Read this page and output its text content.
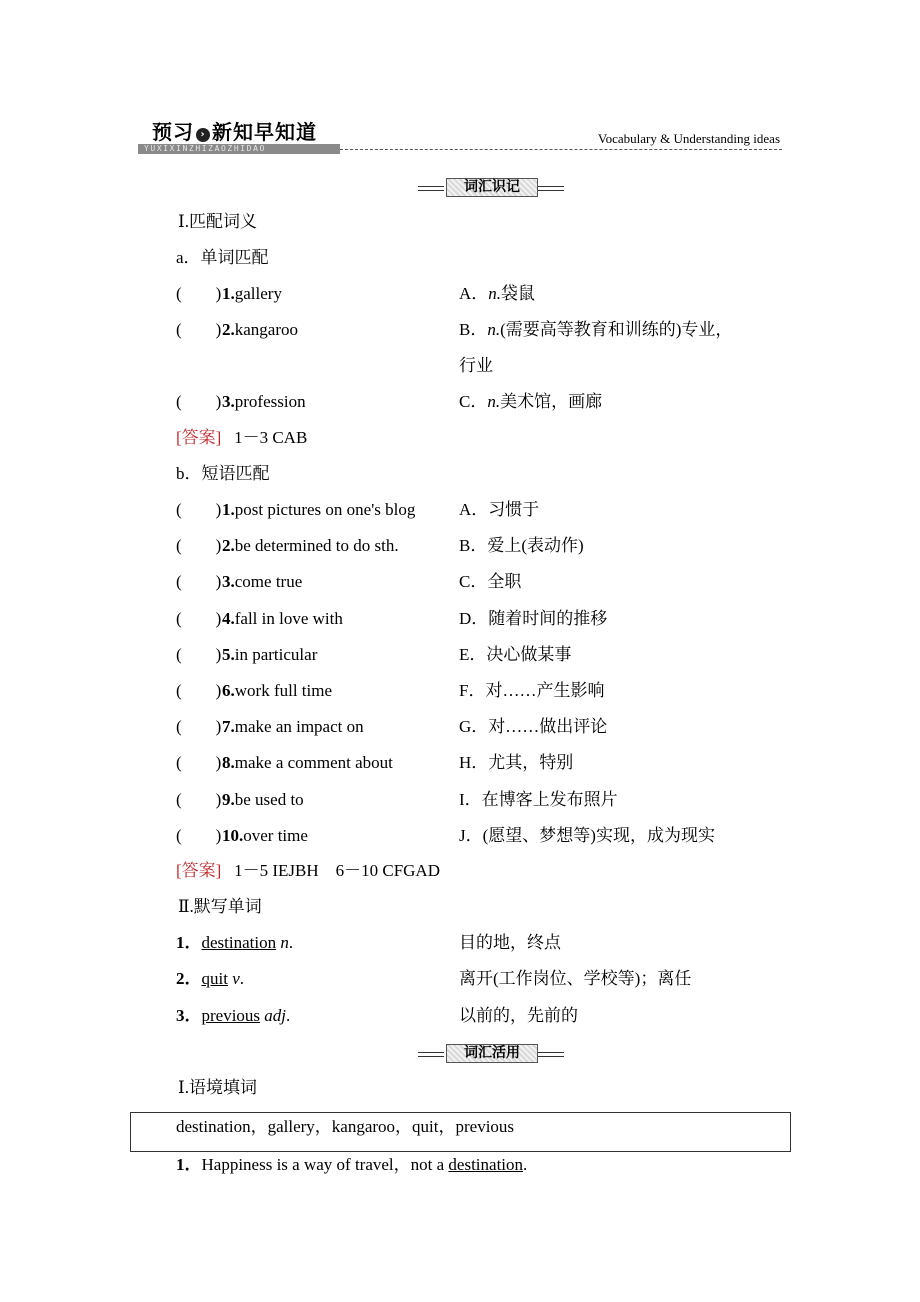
预习 › 新知早知道
YUXIXINZHIZAOZHIDAO
Vocabulary & Understanding ideas
词汇识记
Ⅰ.匹配词义
a．单词匹配
(　　) 1.gallery	A．n.袋鼠
(　　) 2.kangaroo	B．n.(需要高等教育和训练的)专业，
行业
(　　) 3.profession	C．n.美术馆，画廊
[答案] 1－3 CAB
b．短语匹配
(　　) 1.post pictures on one's blog	A．习惯于
(　　) 2.be determined to do sth.	B．爱上(表动作)
(　　) 3.come true	C．全职
(　　) 4.fall in love with	D．随着时间的推移
(　　) 5.in particular	E．决心做某事
(　　) 6.work full time	F．对……产生影响
(　　) 7.make an impact on	G．对……做出评论
(　　) 8.make a comment about	H．尤其，特别
(　　) 9.be used to	I．在博客上发布照片
(　　) 10.over time	J．(愿望、梦想等)实现，成为现实
[答案] 1－5 IEJBH　6－10 CFGAD
Ⅱ.默写单词
1．destination n.	目的地，终点
2．quit v.	离开(工作岗位、学校等)；离任
3．previous adj.	以前的，先前的
词汇活用
Ⅰ.语境填词
destination，gallery，kangaroo，quit，previous
1．Happiness is a way of travel，not a destination.
